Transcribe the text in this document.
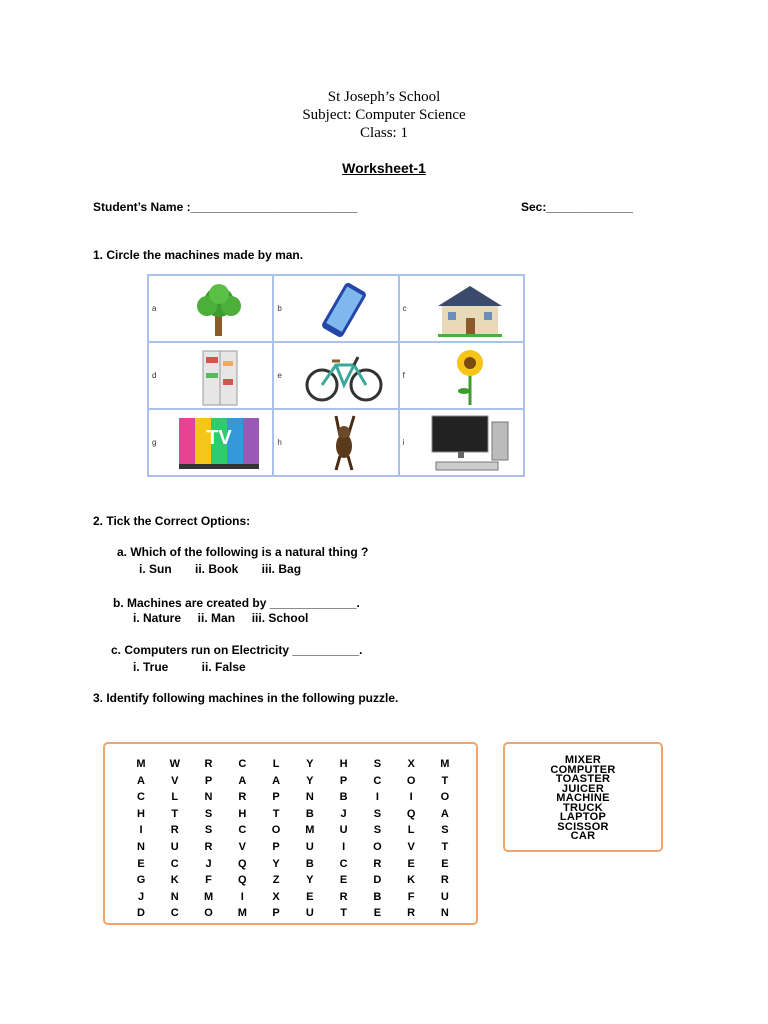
St Joseph’s School
Subject: Computer Science
Class: 1
Worksheet-1
Student’s Name :_________________________	Sec:_____________
1. Circle the machines made by man.
a	b	c
d	e	f
g TV	h	i
2. Tick the Correct Options:
a. Which of the following is a natural thing ?
i. Sun       ii. Book       iii. Bag
b. Machines are created by _____________.
i. Nature     ii. Man     iii. School
c. Computers run on Electricity __________.
i. True          ii. False
3. Identify following machines in the following puzzle.
M	W	R	C	L	Y	H	S	X	M
A	V	P	A	A	Y	P	C	O	T
C	L	N	R	P	N	B	I	I	O
H	T	S	H	T	B	J	S	Q	A
I	R	S	C	O	M	U	S	L	S
N	U	R	V	P	U	I	O	V	T
E	C	J	Q	Y	B	C	R	E	E
G	K	F	Q	Z	Y	E	D	K	R
J	N	M	I	X	E	R	B	F	U
D	C	O	M	P	U	T	E	R	N
MIXER
COMPUTER
TOASTER
JUICER
MACHINE
TRUCK
LAPTOP
SCISSOR
CAR
